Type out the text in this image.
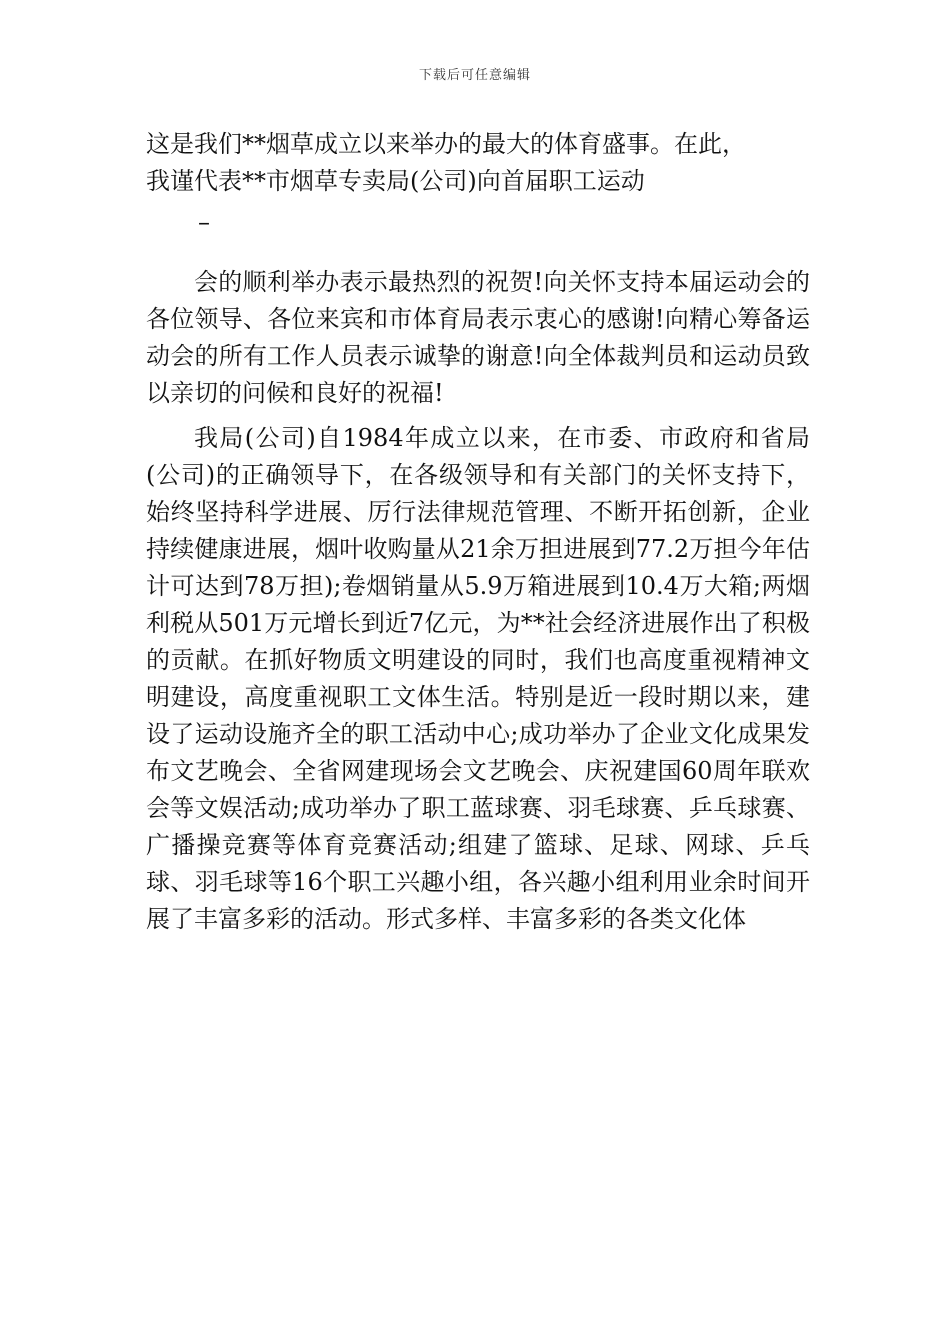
下载后可任意编辑

这是我们**烟草成立以来举办的最大的体育盛事。在此，

我谨代表**市烟草专卖局(公司)向首届职工运动

–

会的顺利举办表示最热烈的祝贺!向关怀支持本届运动会的各位领导、各位来宾和市体育局表示衷心的感谢!向精心筹备运动会的所有工作人员表示诚挚的谢意!向全体裁判员和运动员致以亲切的问候和良好的祝福!

我局(公司)自1984年成立以来，在市委、市政府和省局(公司)的正确领导下，在各级领导和有关部门的关怀支持下，始终坚持科学进展、厉行法律规范管理、不断开拓创新，企业持续健康进展，烟叶收购量从21余万担进展到77.2万担今年估计可达到78万担);卷烟销量从5.9万箱进展到10.4万大箱;两烟利税从501万元增长到近7亿元，为**社会经济进展作出了积极的贡献。在抓好物质文明建设的同时，我们也高度重视精神文明建设，高度重视职工文体生活。特别是近一段时期以来，建设了运动设施齐全的职工活动中心;成功举办了企业文化成果发布文艺晚会、全省网建现场会文艺晚会、庆祝建国60周年联欢会等文娱活动;成功举办了职工蓝球赛、羽毛球赛、乒乓球赛、广播操竞赛等体育竞赛活动;组建了篮球、足球、网球、乒乓球、羽毛球等16个职工兴趣小组，各兴趣小组利用业余时间开展了丰富多彩的活动。形式多样、丰富多彩的各类文化体
